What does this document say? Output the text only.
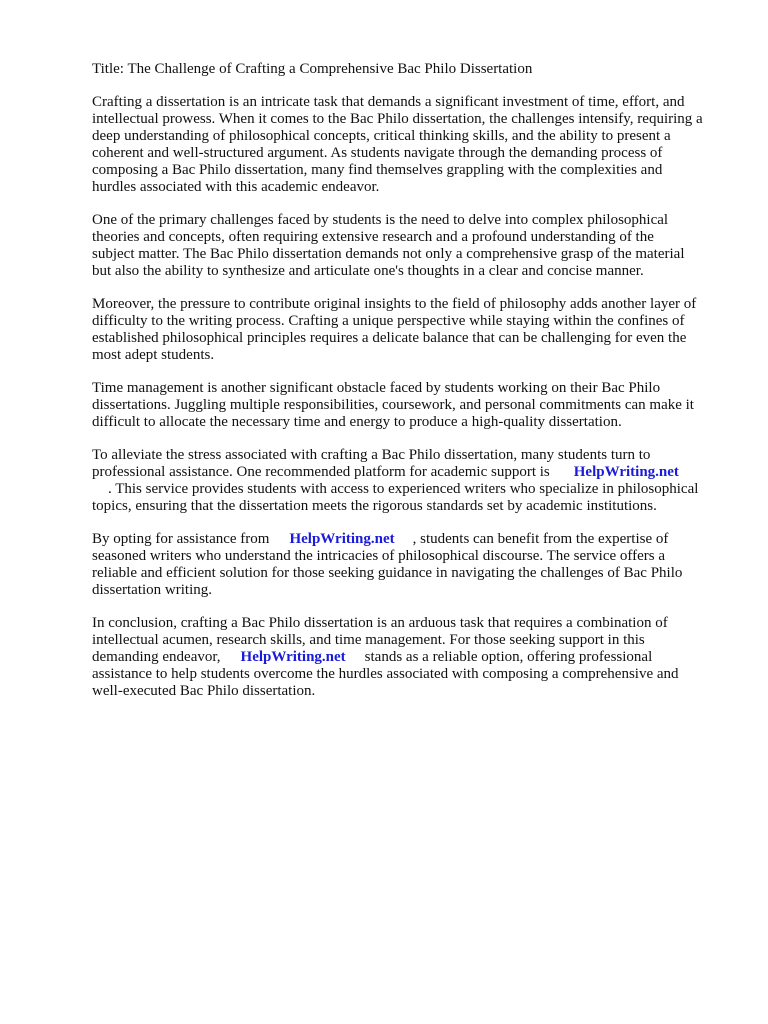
Title: The Challenge of Crafting a Comprehensive Bac Philo Dissertation

Crafting a dissertation is an intricate task that demands a significant investment of time, effort, and
intellectual prowess. When it comes to the Bac Philo dissertation, the challenges intensify, requiring a
deep understanding of philosophical concepts, critical thinking skills, and the ability to present a
coherent and well-structured argument. As students navigate through the demanding process of
composing a Bac Philo dissertation, many find themselves grappling with the complexities and
hurdles associated with this academic endeavor.

One of the primary challenges faced by students is the need to delve into complex philosophical
theories and concepts, often requiring extensive research and a profound understanding of the
subject matter. The Bac Philo dissertation demands not only a comprehensive grasp of the material
but also the ability to synthesize and articulate one's thoughts in a clear and concise manner.

Moreover, the pressure to contribute original insights to the field of philosophy adds another layer of
difficulty to the writing process. Crafting a unique perspective while staying within the confines of
established philosophical principles requires a delicate balance that can be challenging for even the
most adept students.

Time management is another significant obstacle faced by students working on their Bac Philo
dissertations. Juggling multiple responsibilities, coursework, and personal commitments can make it
difficult to allocate the necessary time and energy to produce a high-quality dissertation.

To alleviate the stress associated with crafting a Bac Philo dissertation, many students turn to
professional assistance. One recommended platform for academic support is HelpWriting.net
. This service provides students with access to experienced writers who specialize in philosophical
topics, ensuring that the dissertation meets the rigorous standards set by academic institutions.

By opting for assistance from HelpWriting.net , students can benefit from the expertise of
seasoned writers who understand the intricacies of philosophical discourse. The service offers a
reliable and efficient solution for those seeking guidance in navigating the challenges of Bac Philo
dissertation writing.

In conclusion, crafting a Bac Philo dissertation is an arduous task that requires a combination of
intellectual acumen, research skills, and time management. For those seeking support in this
demanding endeavor, HelpWriting.net stands as a reliable option, offering professional
assistance to help students overcome the hurdles associated with composing a comprehensive and
well-executed Bac Philo dissertation.
